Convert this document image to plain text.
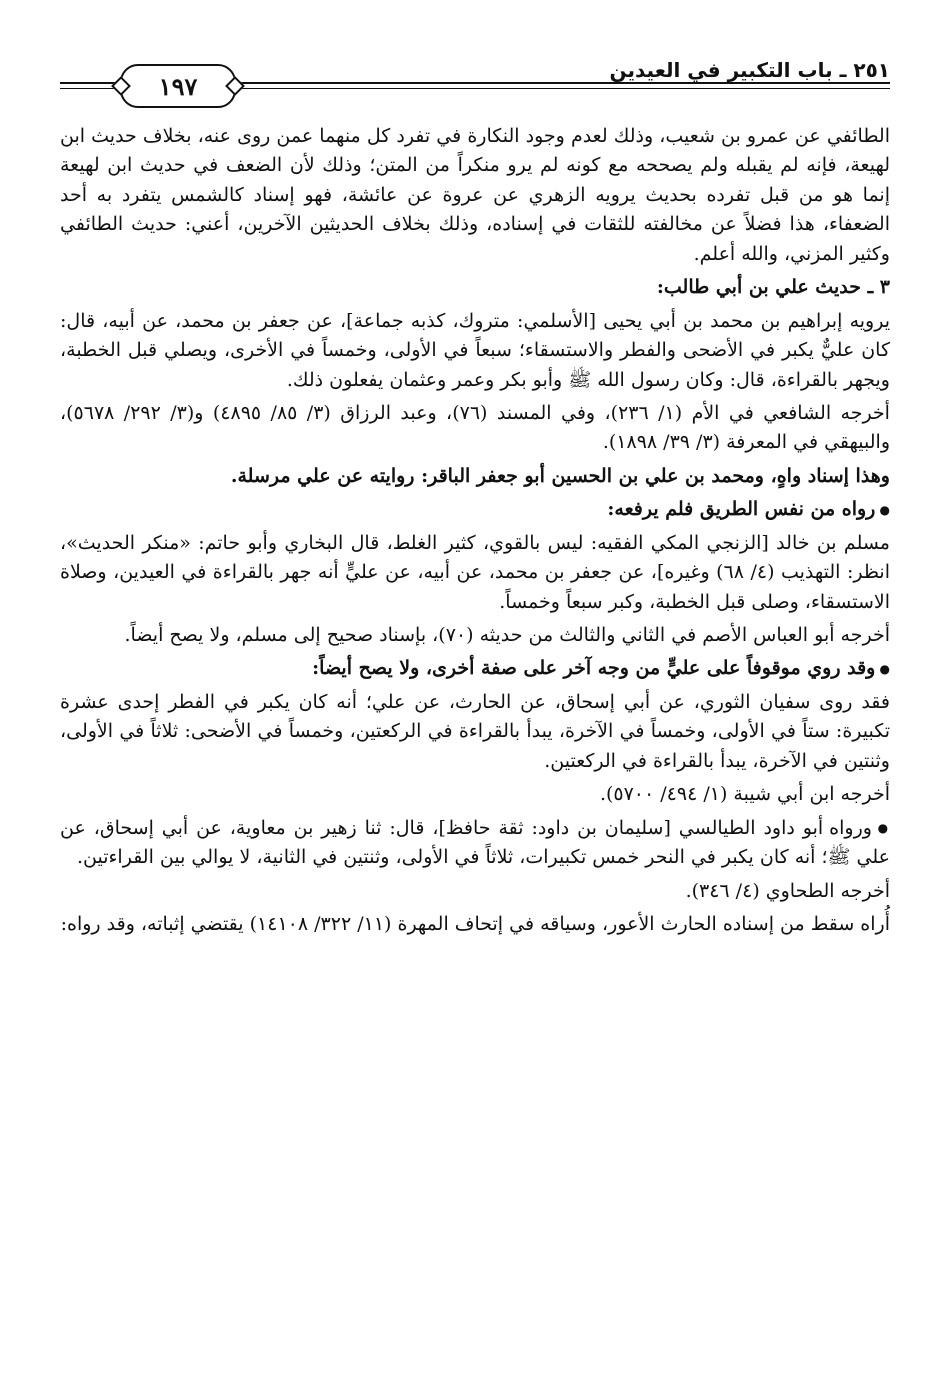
٢٥١ ـ باب التكبير في العيدين
١٩٧

الطائفي عن عمرو بن شعيب، وذلك لعدم وجود النكارة في تفرد كل منهما عمن روى عنه، بخلاف حديث ابن لهيعة، فإنه لم يقبله ولم يصححه مع كونه لم يرو منكراً من المتن؛ وذلك لأن الضعف في حديث ابن لهيعة إنما هو من قبل تفرده بحديث يرويه الزهري عن عروة عن عائشة، فهو إسناد كالشمس يتفرد به أحد الضعفاء، هذا فضلاً عن مخالفته للثقات في إسناده، وذلك بخلاف الحديثين الآخرين، أعني: حديث الطائفي وكثير المزني، والله أعلم.

٣ ـ حديث علي بن أبي طالب:

يرويه إبراهيم بن محمد بن أبي يحيى [الأسلمي: متروك، كذبه جماعة]، عن جعفر بن محمد، عن أبيه، قال: كان عليٌّ يكبر في الأضحى والفطر والاستسقاء؛ سبعاً في الأولى، وخمساً في الأخرى، ويصلي قبل الخطبة، ويجهر بالقراءة، قال: وكان رسول الله ﷺ وأبو بكر وعمر وعثمان يفعلون ذلك.

أخرجه الشافعي في الأم (١/ ٢٣٦)، وفي المسند (٧٦)، وعبد الرزاق (٣/ ٨٥/ ٤٨٩٥) و(٣/ ٢٩٢/ ٥٦٧٨)، والبيهقي في المعرفة (٣/ ٣٩/ ١٨٩٨).

وهذا إسناد واهٍ، ومحمد بن علي بن الحسين أبو جعفر الباقر: روايته عن علي مرسلة.

● رواه من نفس الطريق فلم يرفعه:

مسلم بن خالد [الزنجي المكي الفقيه: ليس بالقوي، كثير الغلط، قال البخاري وأبو حاتم: «منكر الحديث»، انظر: التهذيب (٤/ ٦٨) وغيره]، عن جعفر بن محمد، عن أبيه، عن عليٍّ أنه جهر بالقراءة في العيدين، وصلاة الاستسقاء، وصلى قبل الخطبة، وكبر سبعاً وخمساً.

أخرجه أبو العباس الأصم في الثاني والثالث من حديثه (٧٠)، بإسناد صحيح إلى مسلم، ولا يصح أيضاً.

● وقد روي موقوفاً على عليٍّ من وجه آخر على صفة أخرى، ولا يصح أيضاً:

فقد روى سفيان الثوري، عن أبي إسحاق، عن الحارث، عن علي؛ أنه كان يكبر في الفطر إحدى عشرة تكبيرة: ستاً في الأولى، وخمساً في الآخرة، يبدأ بالقراءة في الركعتين، وخمساً في الأضحى: ثلاثاً في الأولى، وثنتين في الآخرة، يبدأ بالقراءة في الركعتين.

أخرجه ابن أبي شيبة (١/ ٤٩٤/ ٥٧٠٠).

● ورواه أبو داود الطيالسي [سليمان بن داود: ثقة حافظ]، قال: ثنا زهير بن معاوية، عن أبي إسحاق، عن علي ﷺ؛ أنه كان يكبر في النحر خمس تكبيرات، ثلاثاً في الأولى، وثنتين في الثانية، لا يوالي بين القراءتين.

أخرجه الطحاوي (٤/ ٣٤٦).

أُراه سقط من إسناده الحارث الأعور، وسياقه في إتحاف المهرة (١١/ ٣٢٢/ ١٤١٠٨) يقتضي إثباته، وقد رواه:
